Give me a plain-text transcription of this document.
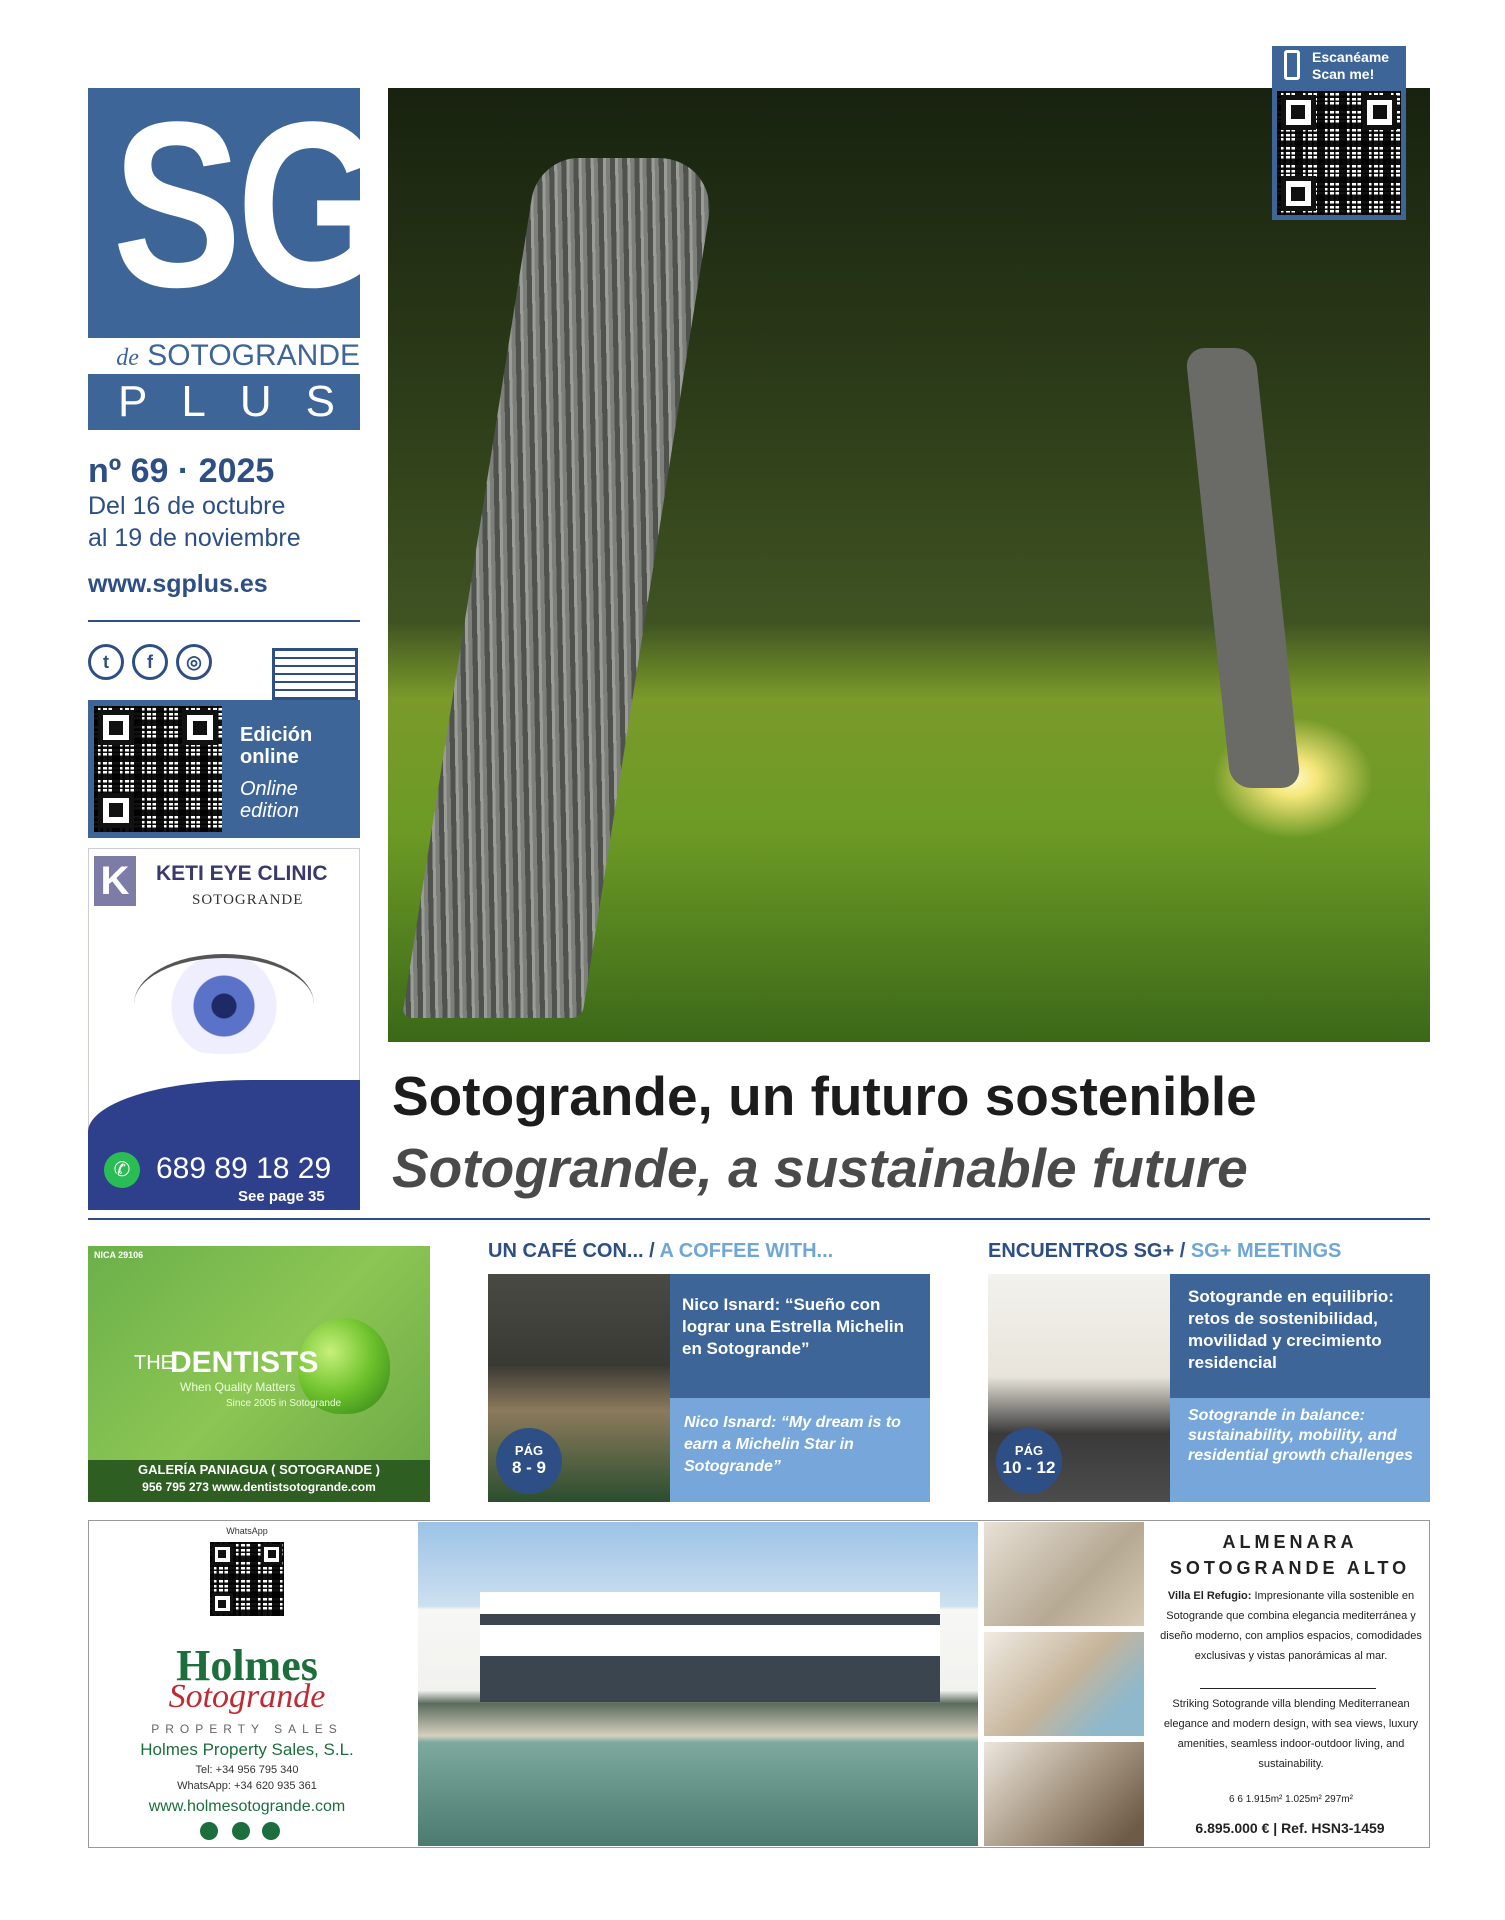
SG
de SOTOGRANDE
PLUS
nº 69 · 2025
Del 16 de octubre
al 19 de noviembre
www.sgplus.es
t	f	◎
Edición online
Online edition
K	KETI EYE CLINIC
SOTOGRANDE
✆ 689 89 18 29
See page 35
Escanéame
Scan me!
Sotogrande, un futuro sostenible
Sotogrande, a sustainable future
NICA 29106
THE
DENTISTS
When Quality Matters
Since 2005 in Sotogrande
GALERÍA PANIAGUA ( SOTOGRANDE )
956 795 273 www.dentistsotogrande.com
UN CAFÉ CON... / A COFFEE WITH...
Nico Isnard: “Sueño con lograr una Estrella Michelin en Sotogrande”
Nico Isnard: “My dream is to earn a Michelin Star in Sotogrande”
PÁG
8 - 9
ENCUENTROS SG+ / SG+ MEETINGS
Sotogrande en equilibrio: retos de sostenibilidad, movilidad y crecimiento residencial
Sotogrande in balance: sustainability, mobility, and residential growth challenges
PÁG
10 - 12
WhatsApp
Holmes
Sotogrande
PROPERTY SALES
Holmes Property Sales, S.L.
Tel: +34 956 795 340
WhatsApp: +34 620 935 361
www.holmesotogrande.com
ALMENARA
SOTOGRANDE ALTO
Villa El Refugio: Impresionante villa sostenible en Sotogrande que combina elegancia mediterránea y diseño moderno, con amplios espacios, comodidades exclusivas y vistas panorámicas al mar.
Striking Sotogrande villa blending Mediterranean elegance and modern design, with sea views, luxury amenities, seamless indoor-outdoor living, and sustainability.
6 6 1.915m² 1.025m² 297m²
6.895.000 € | Ref. HSN3-1459
